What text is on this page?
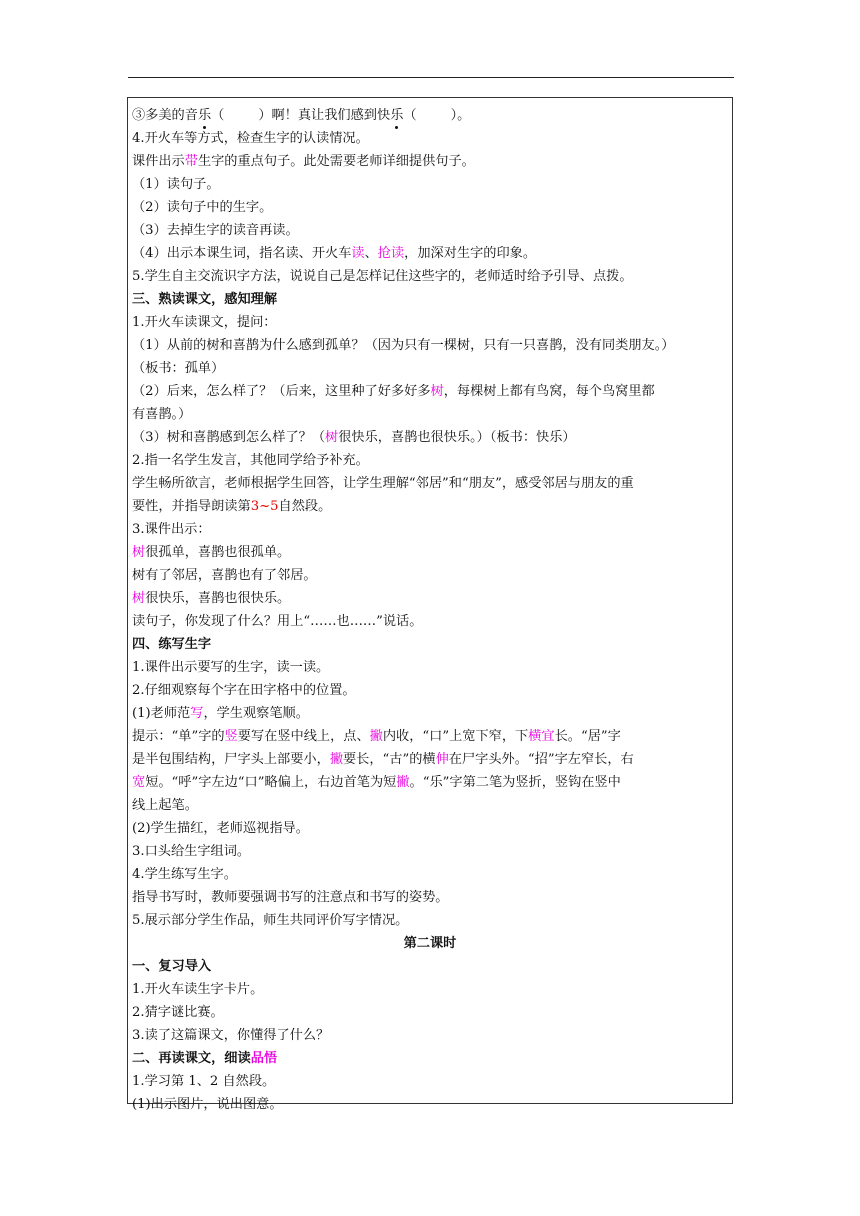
③多美的音 乐 （	）啊！真让我们感到快 乐 （	）。
4.开火车等方式，检查生字的认读情况。
课件出示 带 生字的重点句子。此处需要老师详细提供句子。
（1）读句子。
（2）读句子中的生字。
（3）去掉生字的读音再读。
（4）出示本课生词，指名读、开火车 读 、 抢读 ，加深对生字的印象。
5.学生自主交流识字方法，说说自己是怎样记住这些字的，老师适时给予引导、点拨。
三、熟读课文，感知理解
1.开火车读课文，提问：
（1）从前的树和喜鹊为什么感到孤单？（因为只有一棵树，只有一只喜鹊，没有同类朋友。）
（板书：孤单）
（2）后来，怎么样了？（后来，这里种了好多好多 树 ，每棵树上都有鸟窝，每个鸟窝里都
有喜鹊。）
（3）树和喜鹊感到怎么样了？（ 树 很快乐，喜鹊也很快乐。）（板书：快乐）
2.指一名学生发言，其他同学给予补充。
学生畅所欲言，老师根据学生回答，让学生理解“邻居”和“朋友”，感受邻居与朋友的重
要性，并指导朗读第 3~5 自然段。
3.课件出示：
树 很孤单，喜鹊也很孤单。
树有了邻居，喜鹊也有了邻居。
树 很快乐，喜鹊也很快乐。
读句子，你发现了什么？用上“……也……”说话。
四、练写生字
1.课件出示要写的生字，读一读。
2.仔细观察每个字在田字格中的位置。
(1)老师范 写 ，学生观察笔顺。
提示：“单”字的 竖 要写在竖中线上，点、 撇 内收，“口”上宽下窄，下 横宜 长。“居”字
是半包围结构，尸字头上部要小， 撇 要长，“古”的横 伸 在尸字头外。“招”字左窄长，右
宽 短。“呼”字左边“口”略偏上，右边首笔为短 撇 。“乐”字第二笔为竖折，竖钩在竖中
线上起笔。
(2)学生描红，老师巡视指导。
3.口头给生字组词。
4.学生练写生字。
指导书写时，教师要强调书写的注意点和书写的姿势。
5.展示部分学生作品，师生共同评价写字情况。
第二课时
一、复习导入
1.开火车读生字卡片。
2.猜字谜比赛。
3.读了这篇课文，你懂得了什么？
二、再读课文，细读 品悟
1.学习第 1、2 自然段。
(1)出示图片，说出图意。
